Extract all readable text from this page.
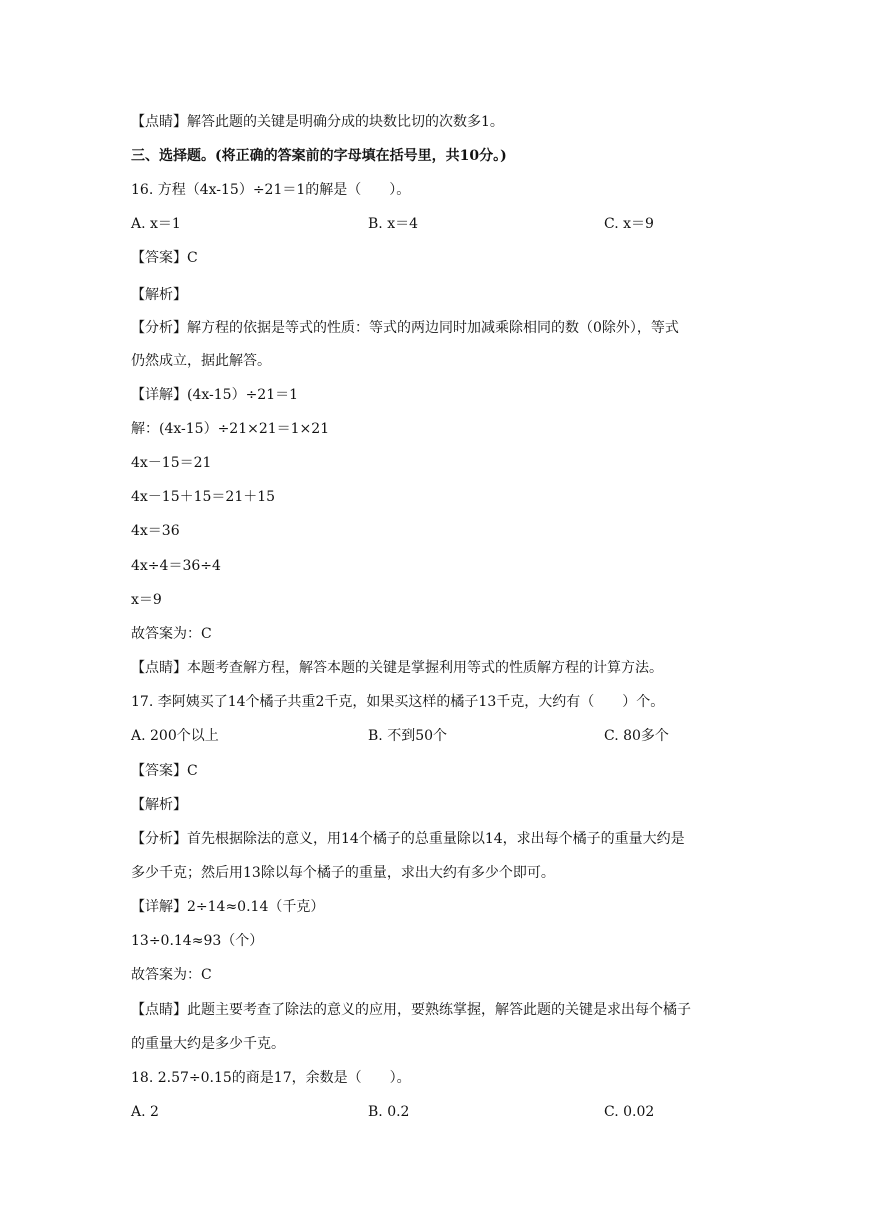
【点睛】解答此题的关键是明确分成的块数比切的次数多1。
三、选择题。(将正确的答案前的字母填在括号里，共10分。)
16. 方程（4x-15）÷21＝1的解是（　　）。
A. x＝1	B. x＝4	C. x＝9
【答案】C
【解析】
【分析】解方程的依据是等式的性质：等式的两边同时加减乘除相同的数（0除外），等式
仍然成立，据此解答。
【详解】(4x-15）÷21＝1
解：(4x-15）÷21×21＝1×21
4x－15＝21
4x－15＋15＝21＋15
4x＝36
4x÷4＝36÷4
x＝9
故答案为：C
【点睛】本题考查解方程，解答本题的关键是掌握利用等式的性质解方程的计算方法。
17. 李阿姨买了14个橘子共重2千克，如果买这样的橘子13千克，大约有（　　）个。
A. 200个以上	B. 不到50个	C. 80多个
【答案】C
【解析】
【分析】首先根据除法的意义，用14个橘子的总重量除以14，求出每个橘子的重量大约是
多少千克；然后用13除以每个橘子的重量，求出大约有多少个即可。
【详解】2÷14≈0.14（千克）
13÷0.14≈93（个）
故答案为：C
【点睛】此题主要考查了除法的意义的应用，要熟练掌握，解答此题的关键是求出每个橘子
的重量大约是多少千克。
18. 2.57÷0.15的商是17，余数是（　　）。
A. 2	B. 0.2	C. 0.02
